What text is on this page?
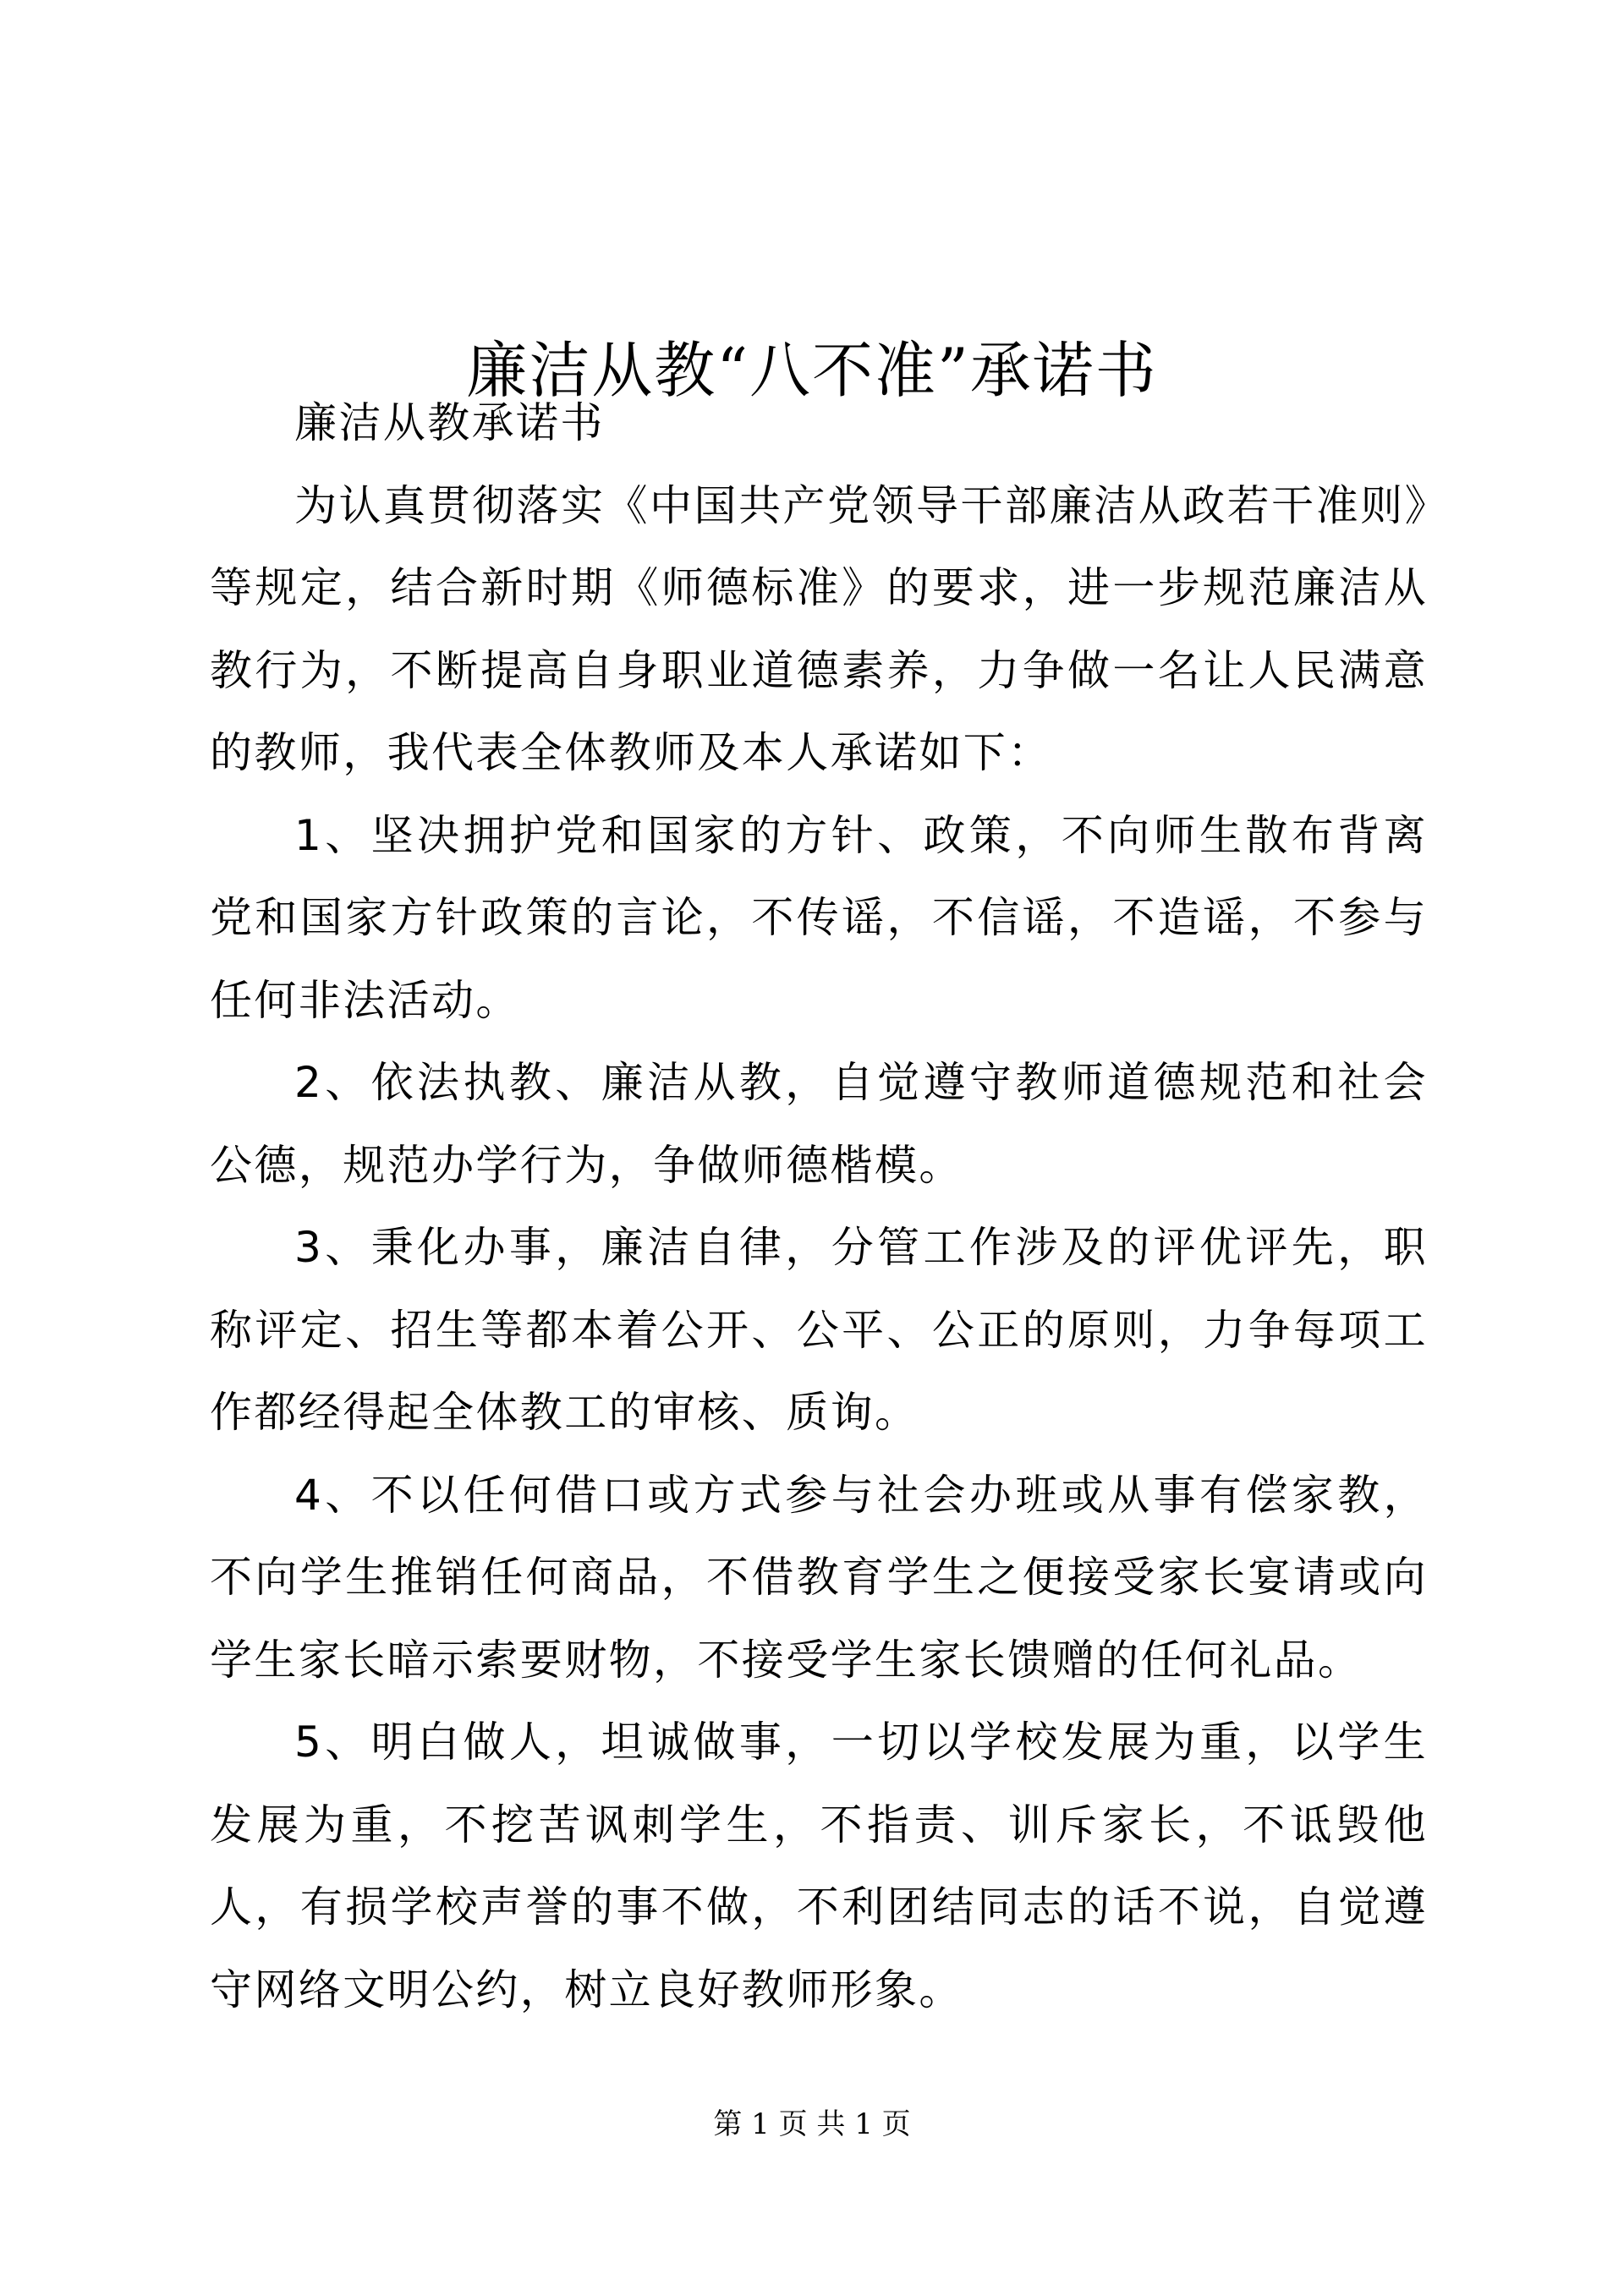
廉洁从教“八不准”承诺书

廉洁从教承诺书

为认真贯彻落实《中国共产党领导干部廉洁从政若干准则》等规定，结合新时期《师德标准》的要求，进一步规范廉洁从教行为，不断提高自身职业道德素养，力争做一名让人民满意的教师，我代表全体教师及本人承诺如下：

1、坚决拥护党和国家的方针、政策，不向师生散布背离党和国家方针政策的言论，不传谣，不信谣，不造谣，不参与任何非法活动。

2、依法执教、廉洁从教，自觉遵守教师道德规范和社会公德，规范办学行为，争做师德楷模。

3、秉化办事，廉洁自律，分管工作涉及的评优评先，职称评定、招生等都本着公开、公平、公正的原则，力争每项工作都经得起全体教工的审核、质询。

4、不以任何借口或方式参与社会办班或从事有偿家教，不向学生推销任何商品，不借教育学生之便接受家长宴请或向学生家长暗示索要财物，不接受学生家长馈赠的任何礼品。

5、明白做人，坦诚做事，一切以学校发展为重，以学生发展为重，不挖苦讽刺学生，不指责、训斥家长，不诋毁他人，有损学校声誉的事不做，不利团结同志的话不说，自觉遵守网络文明公约，树立良好教师形象。

第 1 页 共 1 页
